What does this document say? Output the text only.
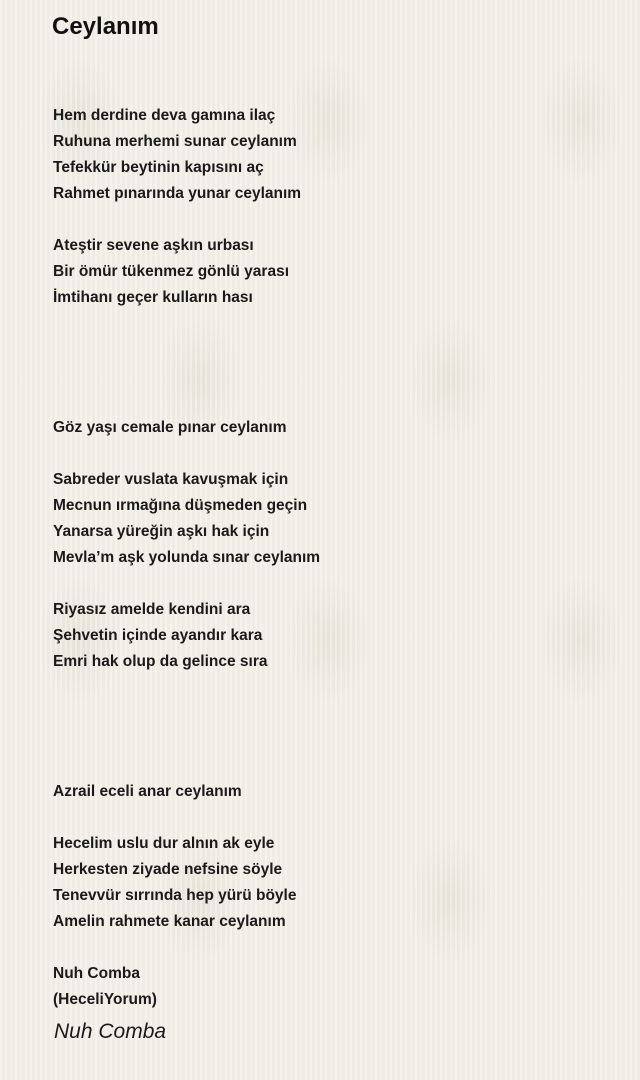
Ceylanım
Hem derdine deva gamına ilaç
Ruhuna merhemi sunar ceylanım
Tefekkür beytinin kapısını aç
Rahmet pınarında yunar ceylanım
Ateştir sevene aşkın urbası
Bir ömür tükenmez gönlü yarası
İmtihanı geçer kulların hası
Göz yaşı cemale pınar ceylanım
Sabreder vuslata kavuşmak için
Mecnun ırmağına düşmeden geçin
Yanarsa yüreğin aşkı hak için
Mevla’m aşk yolunda sınar ceylanım
Riyasız amelde kendini ara
Şehvetin içinde ayandır kara
Emri hak olup da gelince sıra
Azrail eceli anar ceylanım
Hecelim uslu dur alnın ak eyle
Herkesten ziyade nefsine söyle
Tenevvür sırrında hep yürü böyle
Amelin rahmete kanar ceylanım
Nuh Comba
(HeceliYorum)
Nuh Comba
